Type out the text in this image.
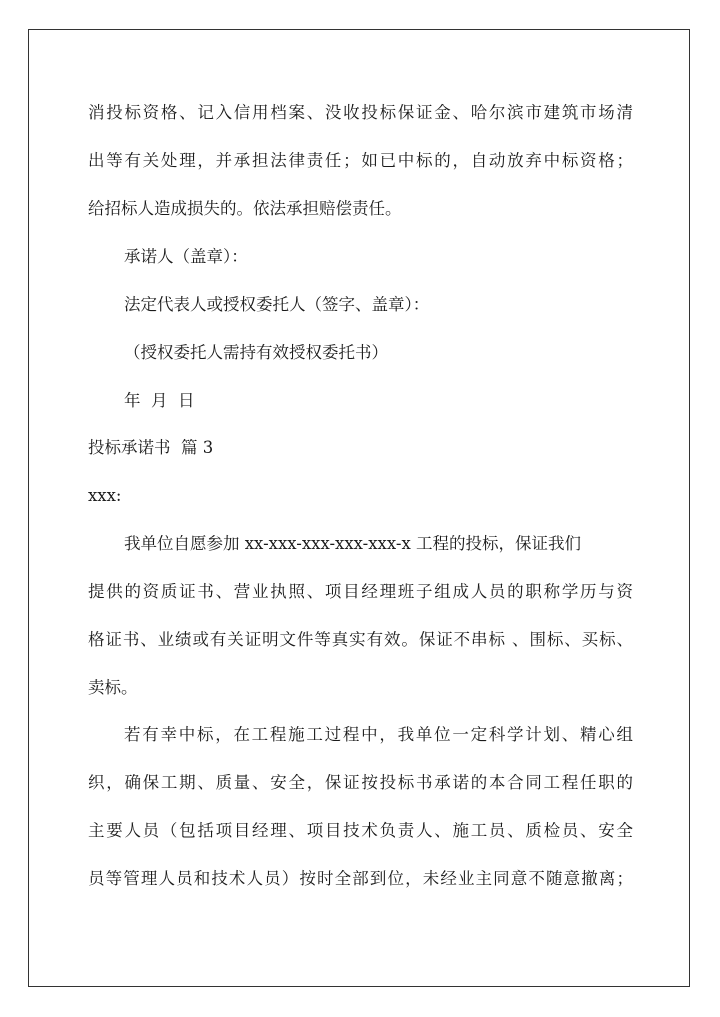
消投标资格、记入信用档案、没收投标保证金、哈尔滨市建筑市场清
出等有关处理，并承担法律责任；如已中标的，自动放弃中标资格；
给招标人造成损失的。依法承担赔偿责任。
承诺人（盖章）：
法定代表人或授权委托人（签字、盖章）：
（授权委托人需持有效授权委托书）
年  月  日
投标承诺书  篇 3
xxx:
我单位自愿参加 xx-xxx-xxx-xxx-xxx-x 工程的投标，保证我们
提供的资质证书、营业执照、项目经理班子组成人员的职称学历与资
格证书、业绩或有关证明文件等真实有效。保证不串标 、围标、买标、
卖标。
若有幸中标，在工程施工过程中，我单位一定科学计划、精心组
织，确保工期、质量、安全，保证按投标书承诺的本合同工程任职的
主要人员（包括项目经理、项目技术负责人、施工员、质检员、安全
员等管理人员和技术人员）按时全部到位，未经业主同意不随意撤离；
